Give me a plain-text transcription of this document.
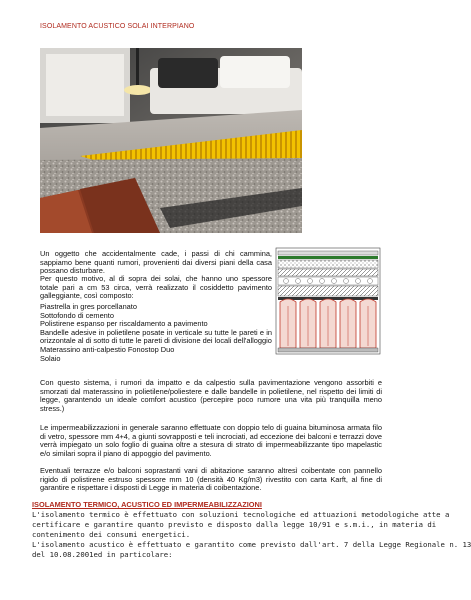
ISOLAMENTO ACUSTICO SOLAI INTERPIANO

Un oggetto che accidentalmente cade, i passi di chi cammina, sappiamo bene quanti rumori, provenienti dai diversi piani della casa possano disturbare.

Per questo motivo, al di sopra dei solai, che hanno uno spessore totale pari a cm 53 circa, verrà realizzato il cosiddetto pavimento galleggiante, così composto:

Piastrella in gres porcellanato
Sottofondo di cemento
Polistirene espanso per riscaldamento a pavimento
Bandelle adesive in polietilene posate in verticale su tutte le pareti e in orizzontale al di sotto di tutte le pareti di divisione dei locali dell'alloggio
Materassino anti-calpestio Fonostop Duo
Solaio

Con questo sistema, i rumori da impatto e da calpestio sulla pavimentazione vengono assorbiti e smorzati dal materassino in polietilene/poliestere e dalle bandelle in polietilene, nel rispetto dei limiti di legge, garantendo un ideale comfort acustico (percepire poco rumore una vita più tranquilla meno stress.)

Le impermeabilizzazioni in generale saranno effettuate con doppio telo di guaina bituminosa armata filo di vetro, spessore mm 4+4, a giunti sovrapposti e teli incrociati, ad eccezione dei balconi e terrazzi dove verrà impiegato un solo foglio di guaina oltre a stesura di strato di impermeabilizzante tipo mapelastic e/o similari sopra il piano di appoggio del pavimento.

Eventuali terrazze e/o balconi soprastanti vani di abitazione saranno altresì coibentate con pannello rigido di polistirene estruso spessore mm 10 (densità 40 Kg/m3) rivestito con carta Karft, al fine di garantire e rispettare i disposti di Legge in materia di coibentazione.

ISOLAMENTO TERMICO, ACUSTICO ED IMPERMEABILIZZAZIONI

L'isolamento termico è effettuato con soluzioni tecnologiche ed attuazioni metodologiche atte a

certificare e garantire quanto previsto e disposto dalla legge 10/91 e s.m.i., in materia di

contenimento dei consumi energetici.

L'isolamento acustico è effettuato e garantito come previsto dall'art. 7 della Legge Regionale n. 13

del 10.08.2001ed in particolare:
